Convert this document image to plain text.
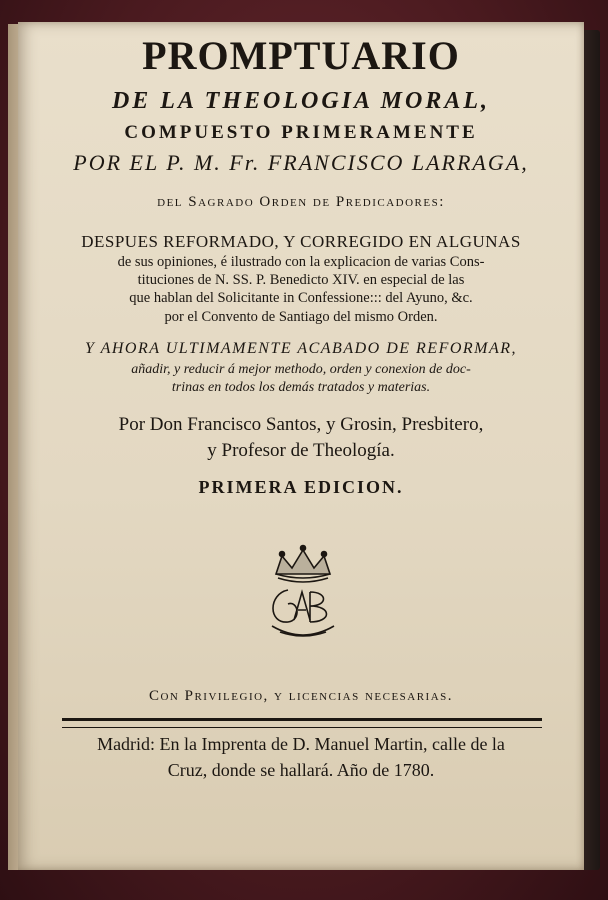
PROMPTUARIO
DE LA THEOLOGIA MORAL,
COMPUESTO PRIMERAMENTE
POR EL P. M. Fr. FRANCISCO LARRAGA,
del Sagrado Orden de Predicadores:
DESPUES REFORMADO, Y CORREGIDO EN ALGUNAS
de sus opiniones, é ilustrado con la explicacion de varias Cons-
tituciones de N. SS. P. Benedicto XIV. en especial de las
que hablan del Solicitante in Confessione::: del Ayuno, &c.
por el Convento de Santiago del mismo Orden.
Y AHORA ULTIMAMENTE ACABADO DE REFORMAR,
añadir, y reducir á mejor methodo, orden y conexion de doc-
trinas en todos los demás tratados y materias.
Por Don Francisco Santos, y Grosin, Presbitero,
y Profesor de Theología.
PRIMERA EDICION.
Con Privilegio, y licencias necesarias.
Madrid: En la Imprenta de D. Manuel Martin, calle de la
Cruz, donde se hallará. Año de 1780.
